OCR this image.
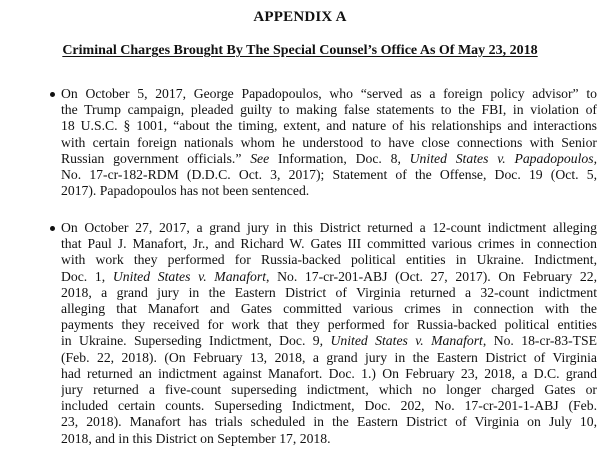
APPENDIX A
Criminal Charges Brought By The Special Counsel’s Office As Of May 23, 2018
On October 5, 2017, George Papadopoulos, who “served as a foreign policy advisor” to
the Trump campaign, pleaded guilty to making false statements to the FBI, in violation of
18 U.S.C. § 1001, “about the timing, extent, and nature of his relationships and interactions
with certain foreign nationals whom he understood to have close connections with Senior
Russian government officials.” See Information, Doc. 8, United States v. Papadopoulos,
No. 17-cr-182-RDM (D.D.C. Oct. 3, 2017); Statement of the Offense, Doc. 19 (Oct. 5,
2017). Papadopoulos has not been sentenced.
On October 27, 2017, a grand jury in this District returned a 12-count indictment alleging
that Paul J. Manafort, Jr., and Richard W. Gates III committed various crimes in connection
with work they performed for Russia-backed political entities in Ukraine. Indictment,
Doc. 1, United States v. Manafort, No. 17-cr-201-ABJ (Oct. 27, 2017). On February 22,
2018, a grand jury in the Eastern District of Virginia returned a 32-count indictment
alleging that Manafort and Gates committed various crimes in connection with the
payments they received for work that they performed for Russia-backed political entities
in Ukraine. Superseding Indictment, Doc. 9, United States v. Manafort, No. 18-cr-83-TSE
(Feb. 22, 2018). (On February 13, 2018, a grand jury in the Eastern District of Virginia
had returned an indictment against Manafort. Doc. 1.) On February 23, 2018, a D.C. grand
jury returned a five-count superseding indictment, which no longer charged Gates or
included certain counts. Superseding Indictment, Doc. 202, No. 17-cr-201-1-ABJ (Feb.
23, 2018). Manafort has trials scheduled in the Eastern District of Virginia on July 10,
2018, and in this District on September 17, 2018.
